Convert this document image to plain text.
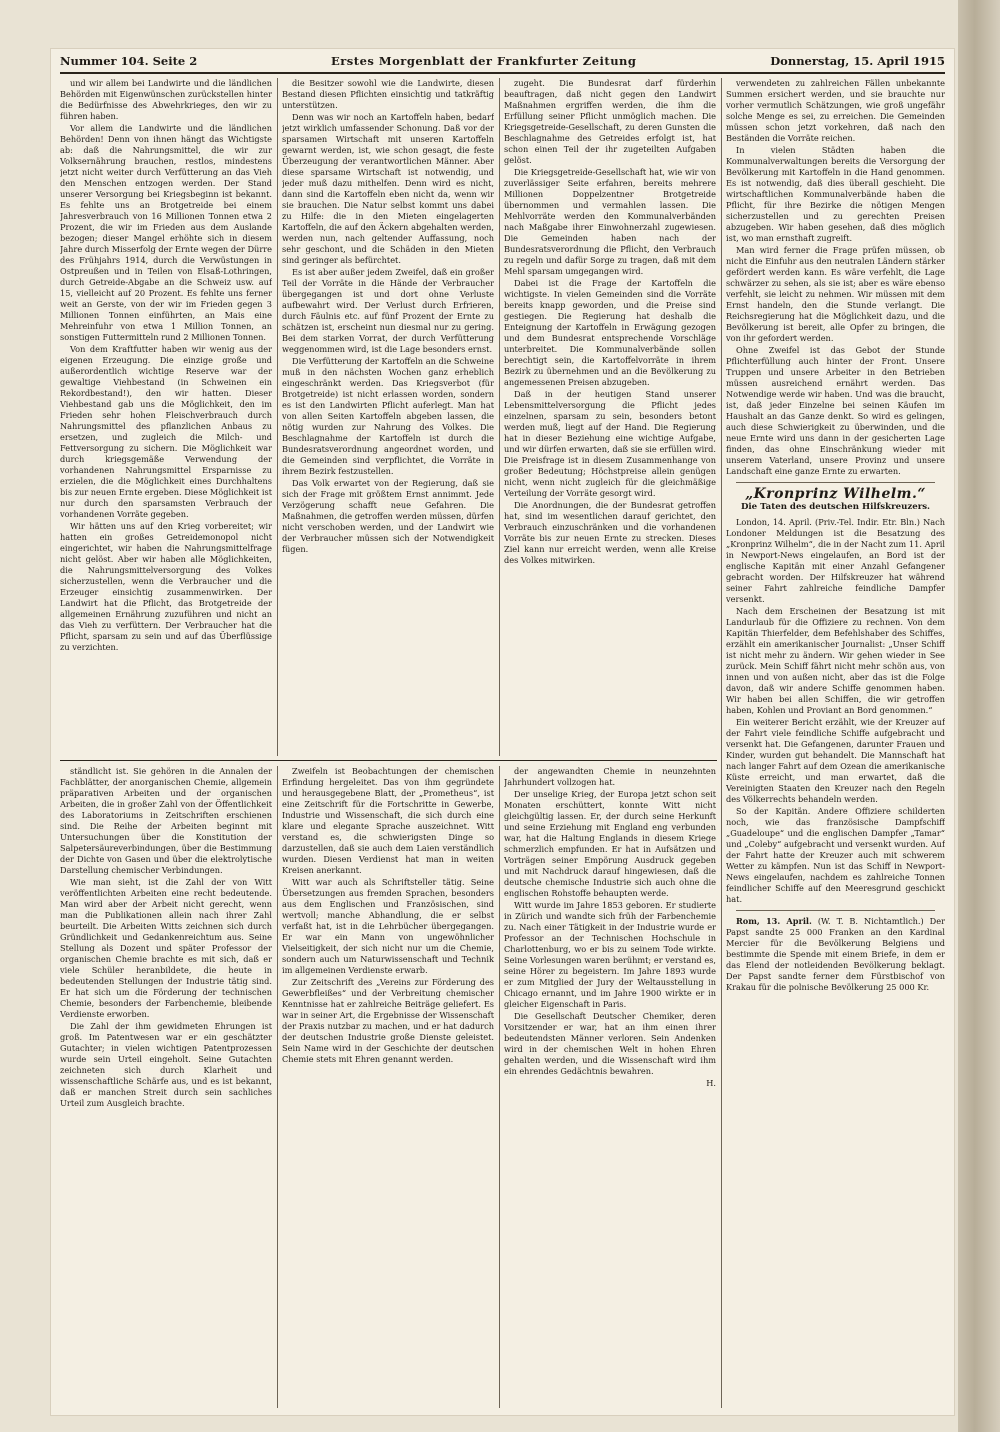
Nummer 104. Seite 2	Erstes Morgenblatt der Frankfurter Zeitung	Donnerstag, 15. April 1915

und wir allem bei Landwirte und die ländlichen Behörden mit Eigenwünschen zurückstellen hinter die Bedürfnisse des Abwehrkrieges, den wir zu führen haben.

Vor allem die Landwirte und die ländlichen Behörden! Denn von ihnen hängt das Wichtigste ab: daß die Nahrungsmittel, die wir zur Volksernährung brauchen, restlos, mindestens jetzt nicht weiter durch Verfütterung an das Vieh den Menschen entzogen werden. Der Stand unserer Versorgung bei Kriegsbeginn ist bekannt. Es fehlte uns an Brotgetreide bei einem Jahresverbrauch von 16 Millionen Tonnen etwa 2 Prozent, die wir im Frieden aus dem Auslande bezogen; dieser Mangel erhöhte sich in diesem Jahre durch Misserfolg der Ernte wegen der Dürre des Frühjahrs 1914, durch die Verwüstungen in Ostpreußen und in Teilen von Elsaß-Lothringen, durch Getreide-Abgabe an die Schweiz usw. auf 15, vielleicht auf 20 Prozent. Es fehlte uns ferner weit an Gerste, von der wir im Frieden gegen 3 Millionen Tonnen einführten, an Mais eine Mehreinfuhr von etwa 1 Million Tonnen, an sonstigen Futtermitteln rund 2 Millionen Tonnen.

Von dem Kraftfutter haben wir wenig aus der eigenen Erzeugung. Die einzige große und außerordentlich wichtige Reserve war der gewaltige Viehbestand (in Schweinen ein Rekordbestand!), den wir hatten. Dieser Viehbestand gab uns die Möglichkeit, den im Frieden sehr hohen Fleischverbrauch durch Nahrungsmittel des pflanzlichen Anbaus zu ersetzen, und zugleich die Milch- und Fettversorgung zu sichern. Die Möglichkeit war durch kriegsgemäße Verwendung der vorhandenen Nahrungsmittel Ersparnisse zu erzielen, die die Möglichkeit eines Durchhaltens bis zur neuen Ernte ergeben. Diese Möglichkeit ist nur durch den sparsamsten Verbrauch der vorhandenen Vorräte gegeben.

Wir hätten uns auf den Krieg vorbereitet; wir hatten ein großes Getreidemonopol nicht eingerichtet, wir haben die Nahrungsmittelfrage nicht gelöst. Aber wir haben alle Möglichkeiten, die Nahrungsmittelversorgung des Volkes sicherzustellen, wenn die Verbraucher und die Erzeuger einsichtig zusammenwirken. Der Landwirt hat die Pflicht, das Brotgetreide der allgemeinen Ernährung zuzuführen und nicht an das Vieh zu verfüttern. Der Verbraucher hat die Pflicht, sparsam zu sein und auf das Überflüssige zu verzichten.

die Besitzer sowohl wie die Landwirte, diesen Bestand diesen Pflichten einsichtig und tatkräftig unterstützen.

Denn was wir noch an Kartoffeln haben, bedarf jetzt wirklich umfassender Schonung. Daß vor der sparsamen Wirtschaft mit unseren Kartoffeln gewarnt werden, ist, wie schon gesagt, die feste Überzeugung der verantwortlichen Männer. Aber diese sparsame Wirtschaft ist notwendig, und jeder muß dazu mithelfen. Denn wird es nicht, dann sind die Kartoffeln eben nicht da, wenn wir sie brauchen. Die Natur selbst kommt uns dabei zu Hilfe: die in den Mieten eingelagerten Kartoffeln, die auf den Äckern abgehalten werden, werden nun, nach geltender Auffassung, noch sehr geschont, und die Schäden in den Mieten sind geringer als befürchtet.

Es ist aber außer jedem Zweifel, daß ein großer Teil der Vorräte in die Hände der Verbraucher übergegangen ist und dort ohne Verluste aufbewahrt wird. Der Verlust durch Erfrieren, durch Fäulnis etc. auf fünf Prozent der Ernte zu schätzen ist, erscheint nun diesmal nur zu gering. Bei dem starken Vorrat, der durch Verfütterung weggenommen wird, ist die Lage besonders ernst.

Die Verfütterung der Kartoffeln an die Schweine muß in den nächsten Wochen ganz erheblich eingeschränkt werden. Das Kriegsverbot (für Brotgetreide) ist nicht erlassen worden, sondern es ist den Landwirten Pflicht auferlegt. Man hat von allen Seiten Kartoffeln abgeben lassen, die nötig wurden zur Nahrung des Volkes. Die Beschlagnahme der Kartoffeln ist durch die Bundesratsverordnung angeordnet worden, und die Gemeinden sind verpflichtet, die Vorräte in ihrem Bezirk festzustellen.

Das Volk erwartet von der Regierung, daß sie sich der Frage mit größtem Ernst annimmt. Jede Verzögerung schafft neue Gefahren. Die Maßnahmen, die getroffen werden müssen, dürfen nicht verschoben werden, und der Landwirt wie der Verbraucher müssen sich der Notwendigkeit fügen.

zugeht. Die Bundesrat darf fürderhin beauftragen, daß nicht gegen den Landwirt Maßnahmen ergriffen werden, die ihm die Erfüllung seiner Pflicht unmöglich machen. Die Kriegsgetreide-Gesellschaft, zu deren Gunsten die Beschlagnahme des Getreides erfolgt ist, hat schon einen Teil der ihr zugeteilten Aufgaben gelöst.

Die Kriegsgetreide-Gesellschaft hat, wie wir von zuverlässiger Seite erfahren, bereits mehrere Millionen Doppelzentner Brotgetreide übernommen und vermahlen lassen. Die Mehlvorräte werden den Kommunalverbänden nach Maßgabe ihrer Einwohnerzahl zugewiesen. Die Gemeinden haben nach der Bundesratsverordnung die Pflicht, den Verbrauch zu regeln und dafür Sorge zu tragen, daß mit dem Mehl sparsam umgegangen wird.

Dabei ist die Frage der Kartoffeln die wichtigste. In vielen Gemeinden sind die Vorräte bereits knapp geworden, und die Preise sind gestiegen. Die Regierung hat deshalb die Enteignung der Kartoffeln in Erwägung gezogen und dem Bundesrat entsprechende Vorschläge unterbreitet. Die Kommunalverbände sollen berechtigt sein, die Kartoffelvorräte in ihrem Bezirk zu übernehmen und an die Bevölkerung zu angemessenen Preisen abzugeben.

Daß in der heutigen Stand unserer Lebensmittelversorgung die Pflicht jedes einzelnen, sparsam zu sein, besonders betont werden muß, liegt auf der Hand. Die Regierung hat in dieser Beziehung eine wichtige Aufgabe, und wir dürfen erwarten, daß sie sie erfüllen wird. Die Preisfrage ist in diesem Zusammenhange von großer Bedeutung; Höchstpreise allein genügen nicht, wenn nicht zugleich für die gleichmäßige Verteilung der Vorräte gesorgt wird.

Die Anordnungen, die der Bundesrat getroffen hat, sind im wesentlichen darauf gerichtet, den Verbrauch einzuschränken und die vorhandenen Vorräte bis zur neuen Ernte zu strecken. Dieses Ziel kann nur erreicht werden, wenn alle Kreise des Volkes mitwirken.

verwendeten zu zahlreichen Fällen unbekannte Summen ersichert werden, und sie brauchte nur vorher vermutlich Schätzungen, wie groß ungefähr solche Menge es sei, zu erreichen. Die Gemeinden müssen schon jetzt vorkehren, daß nach den Beständen die Vorräte reichen.

In vielen Städten haben die Kommunalverwaltungen bereits die Versorgung der Bevölkerung mit Kartoffeln in die Hand genommen. Es ist notwendig, daß dies überall geschieht. Die wirtschaftlichen Kommunalverbände haben die Pflicht, für ihre Bezirke die nötigen Mengen sicherzustellen und zu gerechten Preisen abzugeben. Wir haben gesehen, daß dies möglich ist, wo man ernsthaft zugreift.

Man wird ferner die Frage prüfen müssen, ob nicht die Einfuhr aus den neutralen Ländern stärker gefördert werden kann. Es wäre verfehlt, die Lage schwärzer zu sehen, als sie ist; aber es wäre ebenso verfehlt, sie leicht zu nehmen. Wir müssen mit dem Ernst handeln, den die Stunde verlangt. Die Reichsregierung hat die Möglichkeit dazu, und die Bevölkerung ist bereit, alle Opfer zu bringen, die von ihr gefordert werden.

Ohne Zweifel ist das Gebot der Stunde Pflichterfüllung auch hinter der Front. Unsere Truppen und unsere Arbeiter in den Betrieben müssen ausreichend ernährt werden. Das Notwendige werde wir haben. Und was die braucht, ist, daß jeder Einzelne bei seinen Käufen im Haushalt an das Ganze denkt. So wird es gelingen, auch diese Schwierigkeit zu überwinden, und die neue Ernte wird uns dann in der gesicherten Lage finden, das ohne Einschränkung wieder mit unserem Vaterland, unsere Provinz und unsere Landschaft eine ganze Ernte zu erwarten.

„Kronprinz Wilhelm.“
Die Taten des deutschen Hilfskreuzers.

London, 14. April. (Priv.-Tel. Indir. Etr. Bln.) Nach Londoner Meldungen ist die Besatzung des „Kronprinz Wilhelm“, die in der Nacht zum 11. April in Newport-News eingelaufen, an Bord ist der englische Kapitän mit einer Anzahl Gefangener gebracht worden. Der Hilfskreuzer hat während seiner Fahrt zahlreiche feindliche Dampfer versenkt.

Nach dem Erscheinen der Besatzung ist mit Landurlaub für die Offiziere zu rechnen. Von dem Kapitän Thierfelder, dem Befehlshaber des Schiffes, erzählt ein amerikanischer Journalist: „Unser Schiff ist nicht mehr zu ändern. Wir gehen wieder in See zurück. Mein Schiff fährt nicht mehr schön aus, von innen und von außen nicht, aber das ist die Folge davon, daß wir andere Schiffe genommen haben. Wir haben bei allen Schiffen, die wir getroffen haben, Kohlen und Proviant an Bord genommen.“

Ein weiterer Bericht erzählt, wie der Kreuzer auf der Fahrt viele feindliche Schiffe aufgebracht und versenkt hat. Die Gefangenen, darunter Frauen und Kinder, wurden gut behandelt. Die Mannschaft hat nach langer Fahrt auf dem Ozean die amerikanische Küste erreicht, und man erwartet, daß die Vereinigten Staaten den Kreuzer nach den Regeln des Völkerrechts behandeln werden.

So der Kapitän. Andere Offiziere schilderten noch, wie das französische Dampfschiff „Guadeloupe“ und die englischen Dampfer „Tamar“ und „Coleby“ aufgebracht und versenkt wurden. Auf der Fahrt hatte der Kreuzer auch mit schwerem Wetter zu kämpfen. Nun ist das Schiff in Newport-News eingelaufen, nachdem es zahlreiche Tonnen feindlicher Schiffe auf den Meeresgrund geschickt hat.

Rom, 13. April. (W. T. B. Nichtamtlich.) Der Papst sandte 25 000 Franken an den Kardinal Mercier für die Bevölkerung Belgiens und bestimmte die Spende mit einem Briefe, in dem er das Elend der notleidenden Bevölkerung beklagt. Der Papst sandte ferner dem Fürstbischof von Krakau für die polnische Bevölkerung 25 000 Kr.

ständlicht ist. Sie gehören in die Annalen der Fachblätter, der anorganischen Chemie, allgemein präparativen Arbeiten und der organischen Arbeiten, die in großer Zahl von der Öffentlichkeit des Laboratoriums in Zeitschriften erschienen sind. Die Reihe der Arbeiten beginnt mit Untersuchungen über die Konstitution der Salpetersäureverbindungen, über die Bestimmung der Dichte von Gasen und über die elektrolytische Darstellung chemischer Verbindungen.

Wie man sieht, ist die Zahl der von Witt veröffentlichten Arbeiten eine recht bedeutende. Man wird aber der Arbeit nicht gerecht, wenn man die Publikationen allein nach ihrer Zahl beurteilt. Die Arbeiten Witts zeichnen sich durch Gründlichkeit und Gedankenreichtum aus. Seine Stellung als Dozent und später Professor der organischen Chemie brachte es mit sich, daß er viele Schüler heranbildete, die heute in bedeutenden Stellungen der Industrie tätig sind. Er hat sich um die Förderung der technischen Chemie, besonders der Farbenchemie, bleibende Verdienste erworben.

Die Zahl der ihm gewidmeten Ehrungen ist groß. Im Patentwesen war er ein geschätzter Gutachter; in vielen wichtigen Patentprozessen wurde sein Urteil eingeholt. Seine Gutachten zeichneten sich durch Klarheit und wissenschaftliche Schärfe aus, und es ist bekannt, daß er manchen Streit durch sein sachliches Urteil zum Ausgleich brachte.

Zweifeln ist Beobachtungen der chemischen Erfindung hergeleitet. Das von ihm gegründete und herausgegebene Blatt, der „Prometheus“, ist eine Zeitschrift für die Fortschritte in Gewerbe, Industrie und Wissenschaft, die sich durch eine klare und elegante Sprache auszeichnet. Witt verstand es, die schwierigsten Dinge so darzustellen, daß sie auch dem Laien verständlich wurden. Diesen Verdienst hat man in weiten Kreisen anerkannt.

Witt war auch als Schriftsteller tätig. Seine Übersetzungen aus fremden Sprachen, besonders aus dem Englischen und Französischen, sind wertvoll; manche Abhandlung, die er selbst verfaßt hat, ist in die Lehrbücher übergegangen. Er war ein Mann von ungewöhnlicher Vielseitigkeit, der sich nicht nur um die Chemie, sondern auch um Naturwissenschaft und Technik im allgemeinen Verdienste erwarb.

Zur Zeitschrift des „Vereins zur Förderung des Gewerbfleißes“ und der Verbreitung chemischer Kenntnisse hat er zahlreiche Beiträge geliefert. Es war in seiner Art, die Ergebnisse der Wissenschaft der Praxis nutzbar zu machen, und er hat dadurch der deutschen Industrie große Dienste geleistet. Sein Name wird in der Geschichte der deutschen Chemie stets mit Ehren genannt werden.

der angewandten Chemie in neunzehnten Jahrhundert vollzogen hat.

Der unselige Krieg, der Europa jetzt schon seit Monaten erschüttert, konnte Witt nicht gleichgültig lassen. Er, der durch seine Herkunft und seine Erziehung mit England eng verbunden war, hat die Haltung Englands in diesem Kriege schmerzlich empfunden. Er hat in Aufsätzen und Vorträgen seiner Empörung Ausdruck gegeben und mit Nachdruck darauf hingewiesen, daß die deutsche chemische Industrie sich auch ohne die englischen Rohstoffe behaupten werde.

Witt wurde im Jahre 1853 geboren. Er studierte in Zürich und wandte sich früh der Farbenchemie zu. Nach einer Tätigkeit in der Industrie wurde er Professor an der Technischen Hochschule in Charlottenburg, wo er bis zu seinem Tode wirkte. Seine Vorlesungen waren berühmt; er verstand es, seine Hörer zu begeistern. Im Jahre 1893 wurde er zum Mitglied der Jury der Weltausstellung in Chicago ernannt, und im Jahre 1900 wirkte er in gleicher Eigenschaft in Paris.

Die Gesellschaft Deutscher Chemiker, deren Vorsitzender er war, hat an ihm einen ihrer bedeutendsten Männer verloren. Sein Andenken wird in der chemischen Welt in hohen Ehren gehalten werden, und die Wissenschaft wird ihm ein ehrendes Gedächtnis bewahren.

H.
